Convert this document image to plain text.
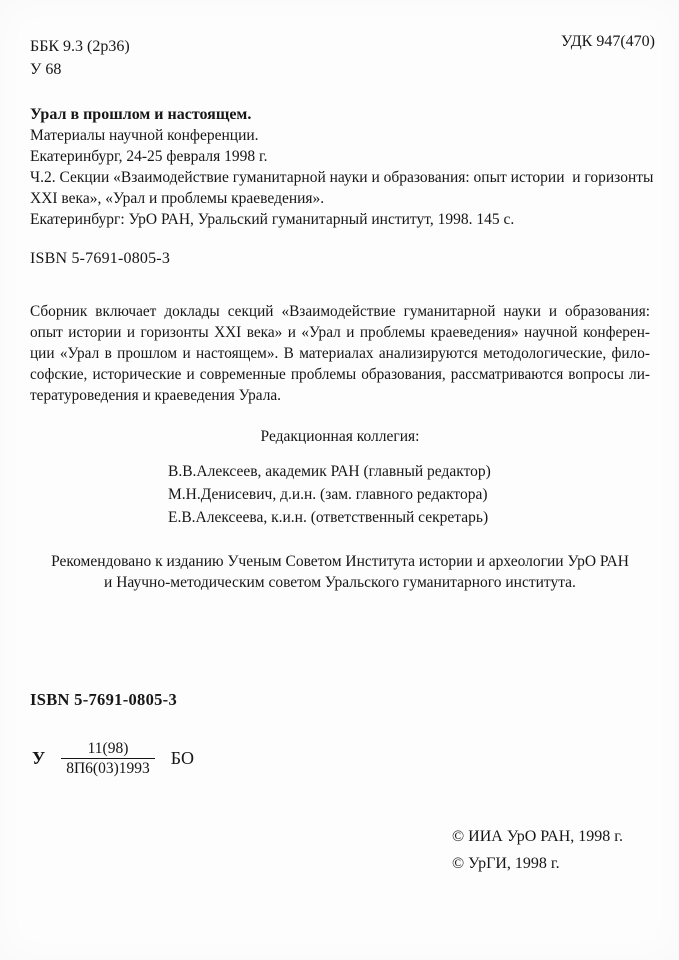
ББК 9.3 (2р36)
У 68
УДК 947(470)
Урал в прошлом и настоящем.
Материалы научной конференции.
Екатеринбург, 24-25 февраля 1998 г.
Ч.2. Секции «Взаимодействие гуманитарной науки и образования: опыт истории  и горизонты
XXI века», «Урал и проблемы краеведения».
Екатеринбург: УрО РАН, Уральский гуманитарный институт, 1998. 145 с.
ISBN 5-7691-0805-3
Сборник включает доклады секций «Взаимодействие гуманитарной науки и образования:
опыт истории и горизонты XXI века» и «Урал и проблемы краеведения» научной конферен-
ции «Урал в прошлом и настоящем». В материалах анализируются методологические, фило-
софские, исторические и современные проблемы образования, рассматриваются вопросы ли-
тературоведения и краеведения Урала.
Редакционная коллегия:
В.В.Алексеев, академик РАН (главный редактор)
М.Н.Денисевич, д.и.н. (зам. главного редактора)
Е.В.Алексеева, к.и.н. (ответственный секретарь)
Рекомендовано к изданию Ученым Советом Института истории и археологии УрО РАН
и Научно-методическим советом Уральского гуманитарного института.
ISBN 5-7691-0805-3
У $\frac{11(98)}{8П6(03)1993}$ БО
© ИИА УрО РАН, 1998 г.
© УрГИ, 1998 г.
